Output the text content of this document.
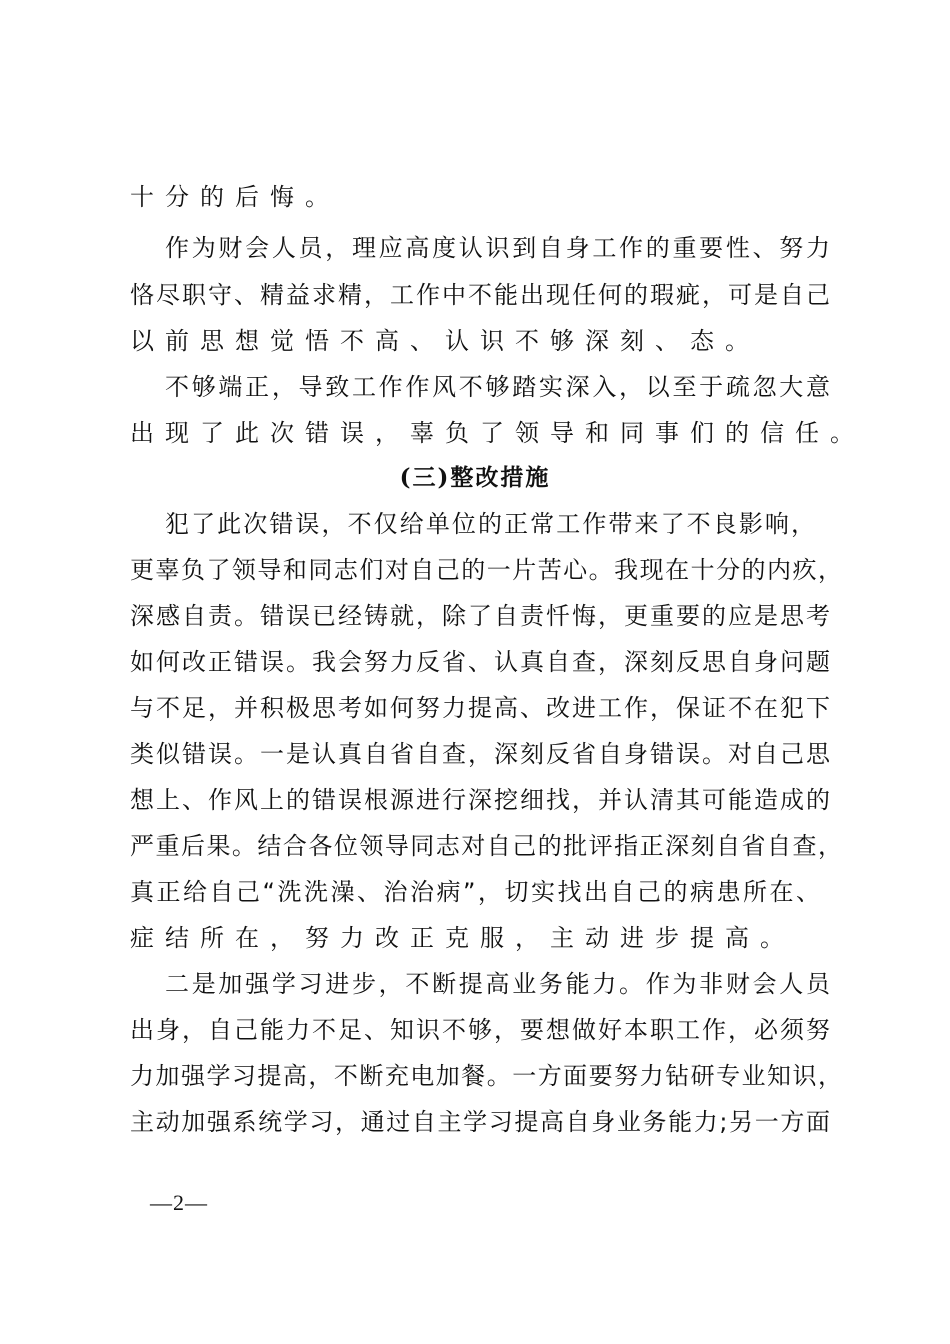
十分的后悔。
作为财会人员，理应高度认识到自身工作的重要性、努力
恪尽职守、精益求精，工作中不能出现任何的瑕疵，可是自己
以前思想觉悟不高、认识不够深刻、态。
不够端正，导致工作作风不够踏实深入，以至于疏忽大意
出现了此次错误，辜负了领导和同事们的信任。
(三)整改措施
犯了此次错误，不仅给单位的正常工作带来了不良影响，
更辜负了领导和同志们对自己的一片苦心。我现在十分的内疚，
深感自责。错误已经铸就，除了自责忏悔，更重要的应是思考
如何改正错误。我会努力反省、认真自查，深刻反思自身问题
与不足，并积极思考如何努力提高、改进工作，保证不在犯下
类似错误。一是认真自省自查，深刻反省自身错误。对自己思
想上、作风上的错误根源进行深挖细找，并认清其可能造成的
严重后果。结合各位领导同志对自己的批评指正深刻自省自查，
真正给自己“洗洗澡、治治病”，切实找出自己的病患所在、
症结所在，努力改正克服，主动进步提高。
二是加强学习进步，不断提高业务能力。作为非财会人员
出身，自己能力不足、知识不够，要想做好本职工作，必须努
力加强学习提高，不断充电加餐。一方面要努力钻研专业知识，
主动加强系统学习，通过自主学习提高自身业务能力;另一方面
—2—
